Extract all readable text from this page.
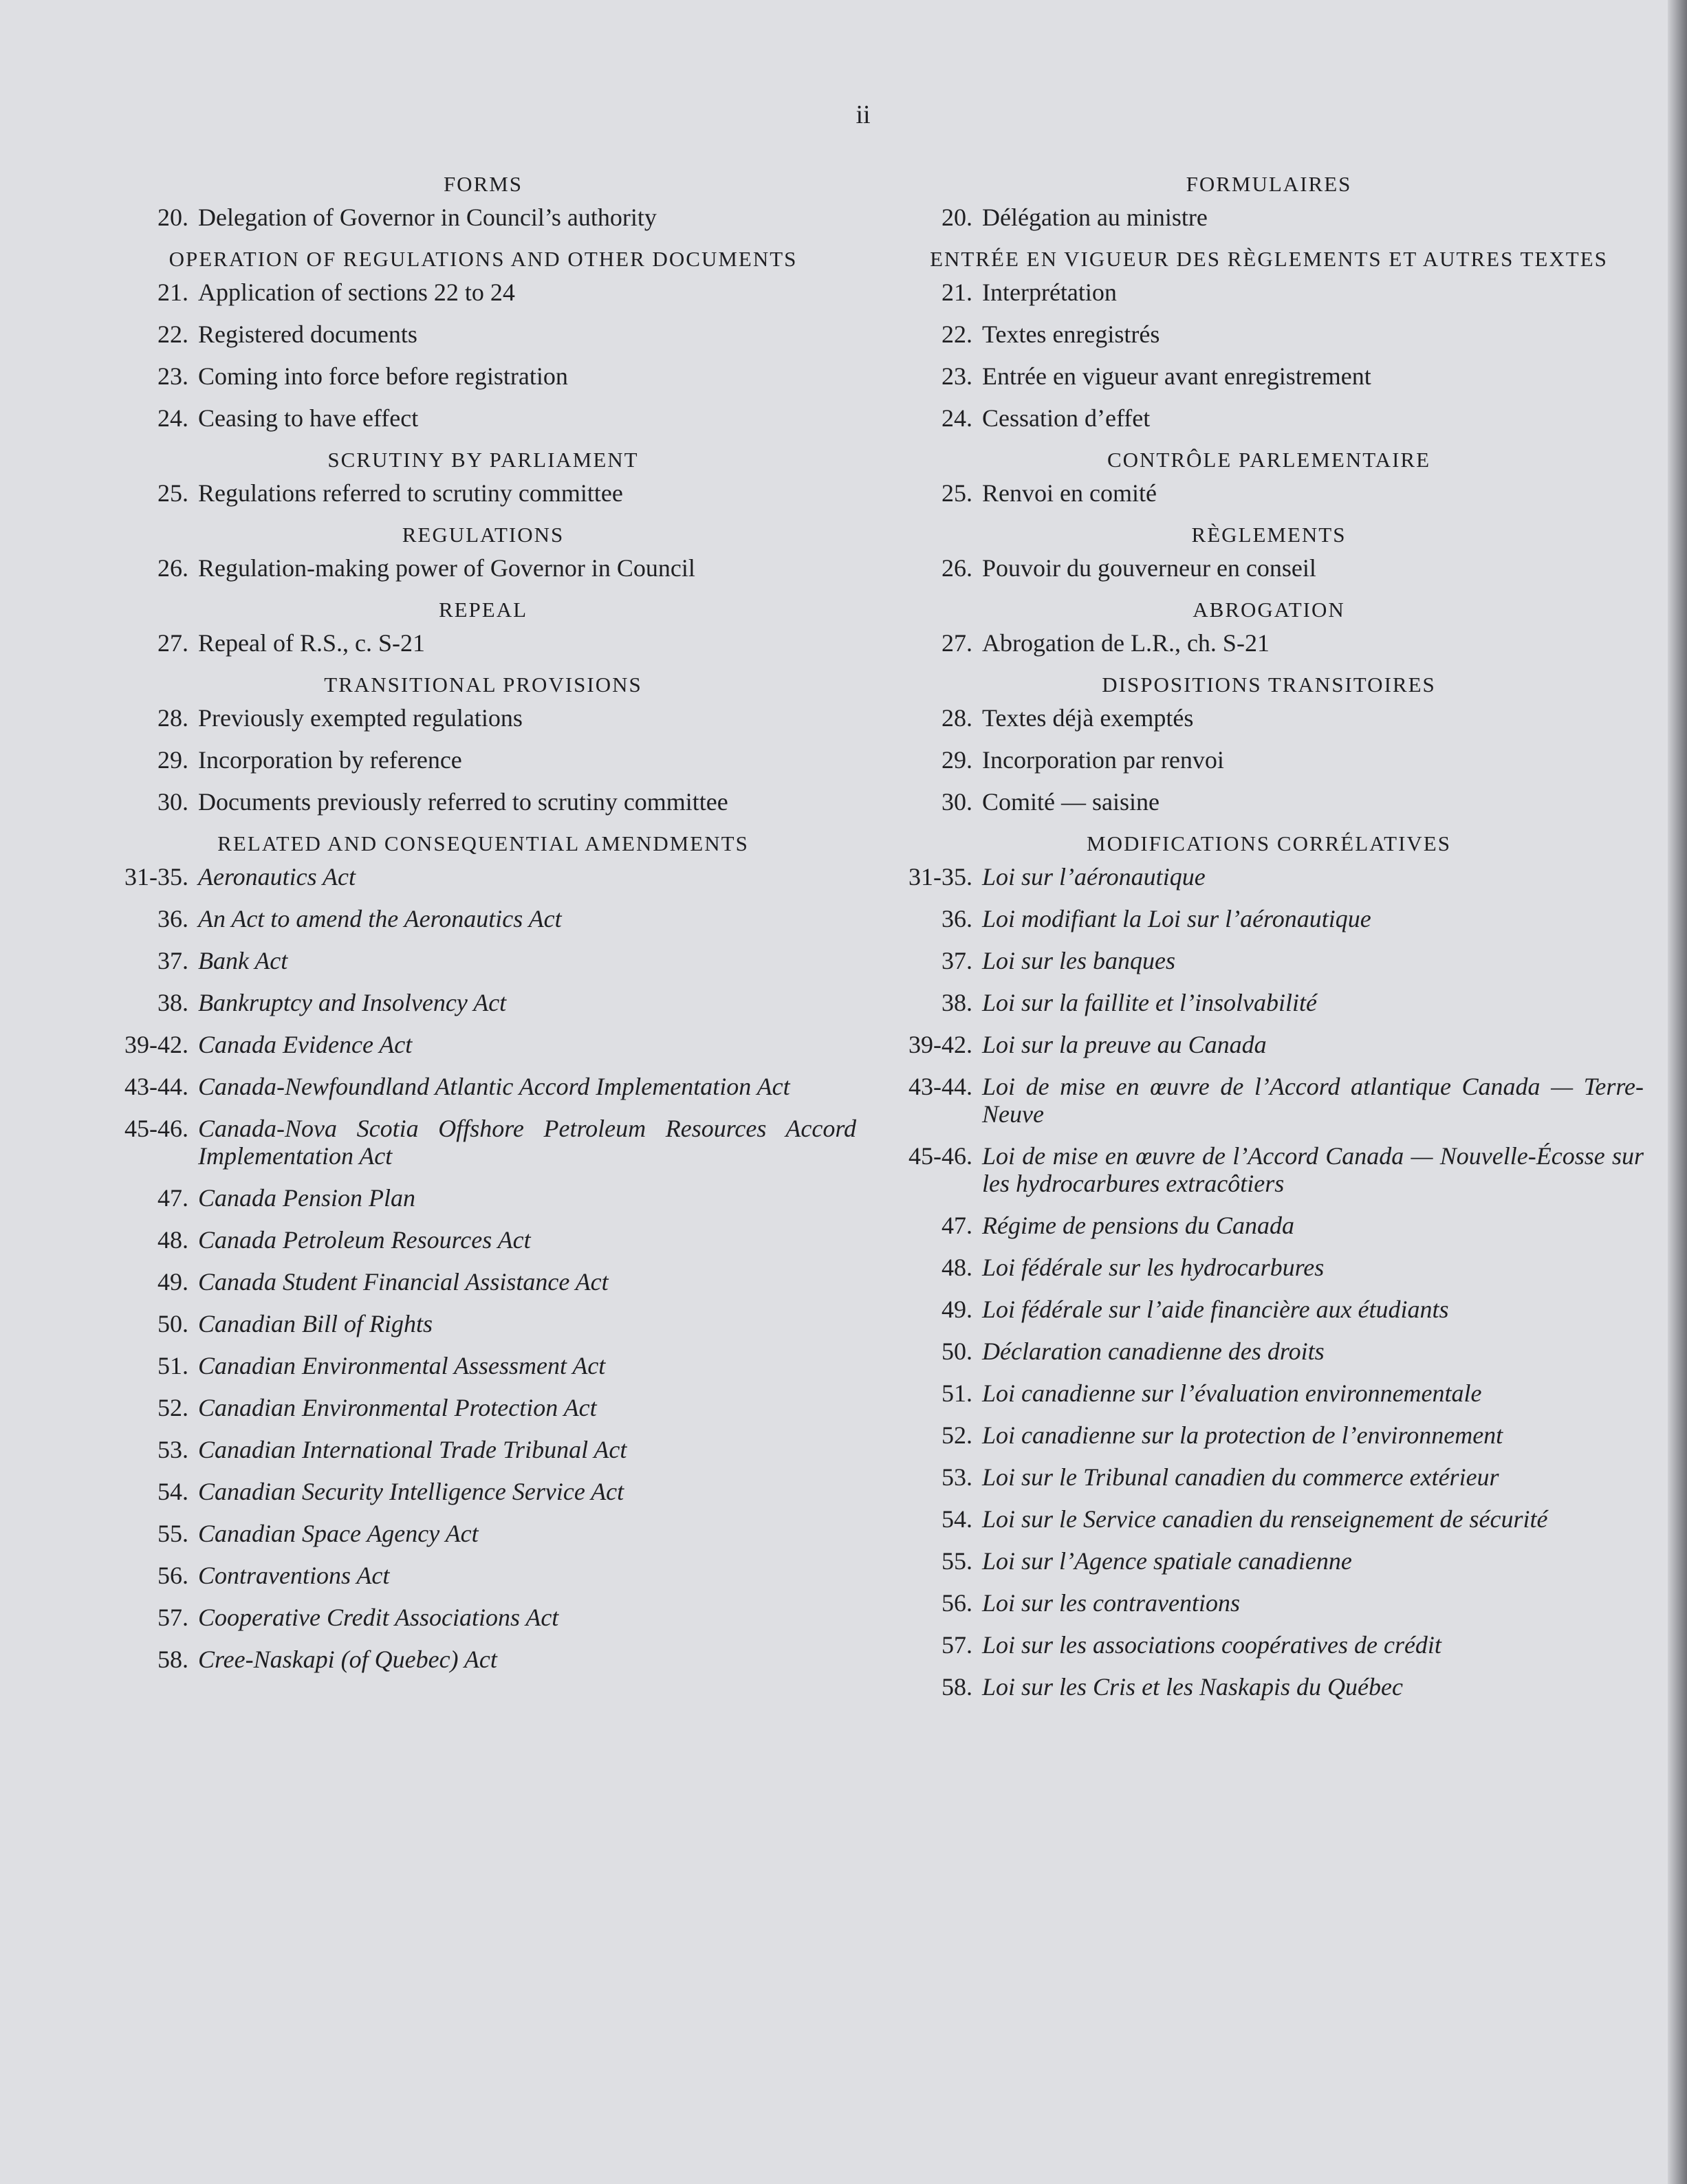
ii
FORMS
20. Delegation of Governor in Council’s authority
OPERATION OF REGULATIONS AND OTHER DOCUMENTS
21. Application of sections 22 to 24
22. Registered documents
23. Coming into force before registration
24. Ceasing to have effect
SCRUTINY BY PARLIAMENT
25. Regulations referred to scrutiny committee
REGULATIONS
26. Regulation-making power of Governor in Council
REPEAL
27. Repeal of R.S., c. S-21
TRANSITIONAL PROVISIONS
28. Previously exempted regulations
29. Incorporation by reference
30. Documents previously referred to scrutiny committee
RELATED AND CONSEQUENTIAL AMENDMENTS
31-35. Aeronautics Act
36. An Act to amend the Aeronautics Act
37. Bank Act
38. Bankruptcy and Insolvency Act
39-42. Canada Evidence Act
43-44. Canada-Newfoundland Atlantic Accord Implementation Act
45-46. Canada-Nova Scotia Offshore Petroleum Resources Accord Implementation Act
47. Canada Pension Plan
48. Canada Petroleum Resources Act
49. Canada Student Financial Assistance Act
50. Canadian Bill of Rights
51. Canadian Environmental Assessment Act
52. Canadian Environmental Protection Act
53. Canadian International Trade Tribunal Act
54. Canadian Security Intelligence Service Act
55. Canadian Space Agency Act
56. Contraventions Act
57. Cooperative Credit Associations Act
58. Cree-Naskapi (of Quebec) Act
FORMULAIRES
20. Délégation au ministre
ENTRÉE EN VIGUEUR DES RÈGLEMENTS ET AUTRES TEXTES
21. Interprétation
22. Textes enregistrés
23. Entrée en vigueur avant enregistrement
24. Cessation d’effet
CONTRÔLE PARLEMENTAIRE
25. Renvoi en comité
RÈGLEMENTS
26. Pouvoir du gouverneur en conseil
ABROGATION
27. Abrogation de L.R., ch. S-21
DISPOSITIONS TRANSITOIRES
28. Textes déjà exemptés
29. Incorporation par renvoi
30. Comité — saisine
MODIFICATIONS CORRÉLATIVES
31-35. Loi sur l’aéronautique
36. Loi modifiant la Loi sur l’aéronautique
37. Loi sur les banques
38. Loi sur la faillite et l’insolvabilité
39-42. Loi sur la preuve au Canada
43-44. Loi de mise en œuvre de l’Accord atlantique Canada — Terre-Neuve
45-46. Loi de mise en œuvre de l’Accord Canada — Nouvelle-Écosse sur les hydrocarbures extracôtiers
47. Régime de pensions du Canada
48. Loi fédérale sur les hydrocarbures
49. Loi fédérale sur l’aide financière aux étudiants
50. Déclaration canadienne des droits
51. Loi canadienne sur l’évaluation environnementale
52. Loi canadienne sur la protection de l’environnement
53. Loi sur le Tribunal canadien du commerce extérieur
54. Loi sur le Service canadien du renseignement de sécurité
55. Loi sur l’Agence spatiale canadienne
56. Loi sur les contraventions
57. Loi sur les associations coopératives de crédit
58. Loi sur les Cris et les Naskapis du Québec
